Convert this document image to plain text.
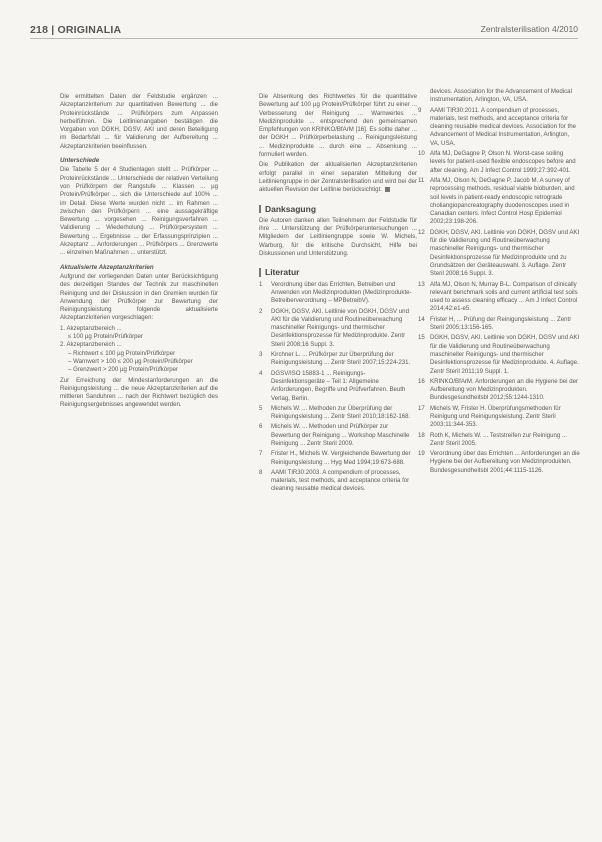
218 | ORIGINALIA	Zentralsterilisation 4/2010

Die ermittelten Daten der Feldstudie ergänzen ... Akzeptanzkriterium zur quantitativen Bewertung ... die Proteinrückstände ... Prüfkörpers zum Anpassen herbeiführen. Die Leitlinienangaben bestätigen die Vorgaben von DGKH, DGSV, AKI und deren Beteiligung im Bedarfsfall ... für Validierung der Aufbereitung ... Akzeptanzkriterien beeinflussen.

Unterschiede

Die Tabelle 5 der 4 Studienlagen stellt ... Prüfkörper ... Proteinrückstände ... Unterschiede der relativen Verteilung von Prüfkörpern der Rangstufe ... Klassen ... µg Protein/Prüfkörper ... sich die Unterschiede auf 100% ... im Detail. Diese Werte wurden nicht ... im Rahmen ... zwischen den Prüfkörpern ... eine aussagekräftige Bewertung ... vorgesehen ... Reinigungsverfahren ... Validierung ... Wiederholung ... Prüfkörpersystem ... Bewertung ... Ergebnisse ... der Erfassungsprinzipien ... Akzeptanz ... Anforderungen ... Prüfkörpers ... Grenzwerte ... einzelnen Maßnahmen ... unterstützt.

Aktualisierte Akzeptanzkriterien

Aufgrund der vorliegenden Daten unter Berücksichtigung des derzeitigen Standes der Technik zur maschinellen Reinigung und der Diskussion in den Gremien wurden für Anwendung der Prüfkörper zur Bewertung der Reinigungsleistung folgende aktualisierte Akzeptanzkriterien vorgeschlagen:

1. Akzeptanzbereich ...
≤ 100 µg Protein/Prüfkörper
2. Akzeptanzbereich ...
– Richtwert ≤ 100 µg Protein/Prüfkörper
– Warnwert > 100 ≤ 200 µg Protein/Prüfkörper
– Grenzwert > 200 µg Protein/Prüfkörper

Zur Erreichung der Mindestanforderungen an die Reinigungsleistung ... die neue Akzeptanzkriterien auf die mittleren Sanduhren ... nach der Richtwert bezüglich des Reinigungsergebnisses angewendet werden.

Die Absenkung des Richtwertes für die quantitative Bewertung auf 100 µg Protein/Prüfkörper führt zu einer ... Verbesserung der Reinigung ... Warnwertes ... Medizinprodukte ... entsprechend den gemeinsamen Empfehlungen von KRINKO/BfArM [16]. Es sollte daher ... der DGKH ... Prüfkörperbelastung ... Reinigungsleistung ... Medizinprodukte ... durch eine ... Absenkung ... formuliert werden.

Die Publikation der aktualisierten Akzeptanzkriterien erfolgt parallel in einer separaten Mitteilung der Leitliniengruppe in der Zentralsterilisation und wird bei der aktuellen Revision der Leitlinie berücksichtigt.

Danksagung

Die Autoren danken allen Teilnehmern der Feldstudie für ihre ... Unterstützung der Prüfkörperuntersuchungen ... Mitgliedern der Leitliniengruppe sowie W. Michels, Warburg, für die kritische Durchsicht, Hilfe bei Diskussionen und Unterstützung.

Literatur
1 Verordnung über das Errichten, Betreiben und Anwenden von Medizinprodukten (Medizinprodukte-Betreiberverordnung – MPBetreibV).
2 DGKH, DGSV, AKI. Leitlinie von DGKH, DGSV und AKI für die Validierung und Routineüberwachung maschineller Reinigungs- und thermischer Desinfektionsprozesse für Medizinprodukte. Zentr Steril 2008;16 Suppl. 3.
3 Kirchner L. ... Prüfkörper zur Überprüfung der Reinigungsleistung ... Zentr Steril 2007;15:224-231.
4 DGSV/ISO 15883-1 ... Reinigungs-Desinfektionsgeräte – Teil 1: Allgemeine Anforderungen, Begriffe und Prüfverfahren. Beuth Verlag, Berlin.
5 Michels W. ... Methoden zur Überprüfung der Reinigungsleistung ... Zentr Steril 2010;18:162-168.
6 Michels W. ... Methoden und Prüfkörper zur Bewertung der Reinigung ... Workshop Maschinelle Reinigung ... Zentr Steril 2009.
7 Frister H., Michels W. Vergleichende Bewertung der Reinigungsleistung ... Hyg Med 1994;19:673-688.
8 AAMI TIR30:2003. A compendium of processes, materials, test methods, and acceptance criteria for cleaning reusable medical devices.
devices. Association for the Advancement of Medical Instrumentation, Arlington, VA, USA.
9 AAMI TIR30:2011. A compendium of processes, materials, test methods, and acceptance criteria for cleaning reusable medical devices. Association for the Advancement of Medical Instrumentation, Arlington, VA, USA.
10 Alfa MJ, DeGagne P, Olson N. Worst-case soiling levels for patient-used flexible endoscopes before and after cleaning. Am J Infect Control 1999;27:392-401.
11 Alfa MJ, Olson N, DeGagne P, Jacob M. A survey of reprocessing methods, residual viable bioburden, and soil levels in patient-ready endoscopic retrograde choliangiopancreatography duodenoscopes used in Canadian centers. Infect Control Hosp Epidemiol 2002;23:198-206.
12 DGKH, DGSV, AKI. Leitlinie von DGKH, DGSV und AKI für die Validierung und Routineüberwachung maschineller Reinigungs- und thermischer Desinfektionsprozesse für Medizinprodukte und zu Grundsätzen der Geräteauswahl. 3. Auflage. Zentr Steril 2008;16 Suppl. 3.
13 Alfa MJ, Olson N, Murray B-L. Comparison of clinically relevant benchmark soils and current artificial test soils used to assess cleaning efficacy ... Am J Infect Control 2014;42:e1-e5.
14 Frister H, ... Prüfung der Reinigungsleistung ... Zentr Steril 2005;13:156-165.
15 DGKH, DGSV, AKI. Leitlinie von DGKH, DGSV und AKI für die Validierung und Routineüberwachung maschineller Reinigungs- und thermischer Desinfektionsprozesse für Medizinprodukte. 4. Auflage. Zentr Steril 2011;19 Suppl. 1.
16 KRINKO/BfArM. Anforderungen an die Hygiene bei der Aufbereitung von Medizinprodukten. Bundesgesundheitsbl 2012;55:1244-1310.
17 Michels W, Frister H. Überprüfungsmethoden für Reinigung und Reinigungsleistung. Zentr Steril 2003;11:344-353.
18 Roth K, Michels W. ... Teststreifen zur Reinigung ... Zentr Steril 2005.
19 Verordnung über das Errichten ... Anforderungen an die Hygiene bei der Aufbereitung von Medizinprodukten. Bundesgesundheitsbl 2001;44:1115-1126.
